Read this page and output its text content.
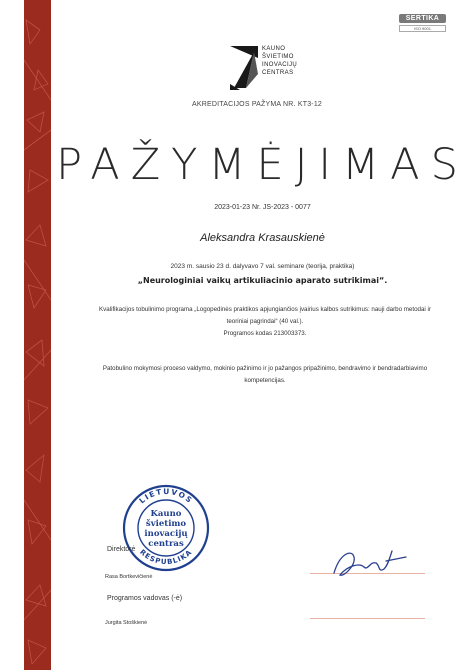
SERTIKA
ISO 9001
KAUNO
ŠVIETIMO
INOVACIJŲ
CENTRAS
AKREDITACIJOS PAŽYMA NR. KT3-12
PAŽYMĖJIMAS
2023-01-23 Nr. JS-2023 - 0077
Aleksandra Krasauskienė
2023 m. sausio 23 d. dalyvavo 7 val. seminare (teorija, praktika)
„Neurologiniai vaikų artikuliacinio aparato sutrikimai“.
Kvalifikacijos tobulinimo programa „Logopedinės praktikos apjungiančios įvairius kalbos sutrikimus: nauji darbo metodai ir
teoriniai pagrindai“ (40 val.).
Programos kodas 213003373.
Patobulino mokymosi proceso valdymo, mokinio pažinimo ir jo pažangos pripažinimo, bendravimo ir bendradarbiavimo
kompetencijas.
LIETUVOS
RESPUBLIKA
Kauno
švietimo
inovacijų
centras
Direktorė
Rasa Bortkevičienė
Programos vadovas (-ė)
Jurgita Stoškienė
